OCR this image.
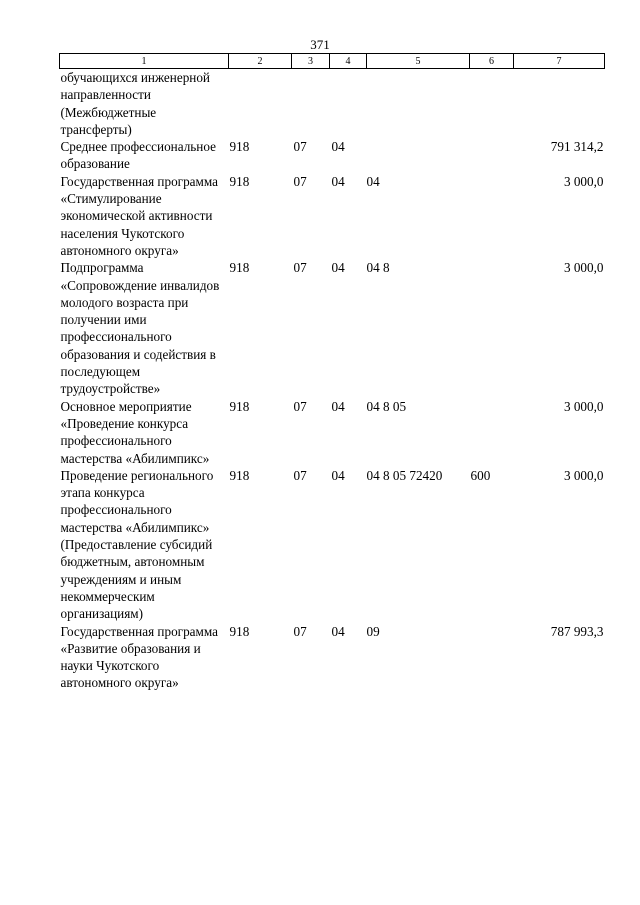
371
1	2	3	4	5	6	7
обучающихся инженерной направленности (Межбюджетные трансферты)						
Среднее профессиональное образование	918	07	04			791 314,2
Государственная программа «Стимулирование экономической активности населения Чукотского автономного округа»	918	07	04	04		3 000,0
Подпрограмма «Сопровождение инвалидов молодого возраста при получении ими профессионального образования и содействия в последующем трудоустройстве»	918	07	04	04 8		3 000,0
Основное мероприятие «Проведение конкурса профессионального мастерства «Абилимпикс»	918	07	04	04 8 05		3 000,0
Проведение регионального этапа конкурса профессионального мастерства «Абилимпикс» (Предоставление субсидий бюджетным, автономным учреждениям и иным некоммерческим организациям)	918	07	04	04 8 05 72420	600	3 000,0
Государственная программа «Развитие образования и науки Чукотского автономного округа»	918	07	04	09		787 993,3
